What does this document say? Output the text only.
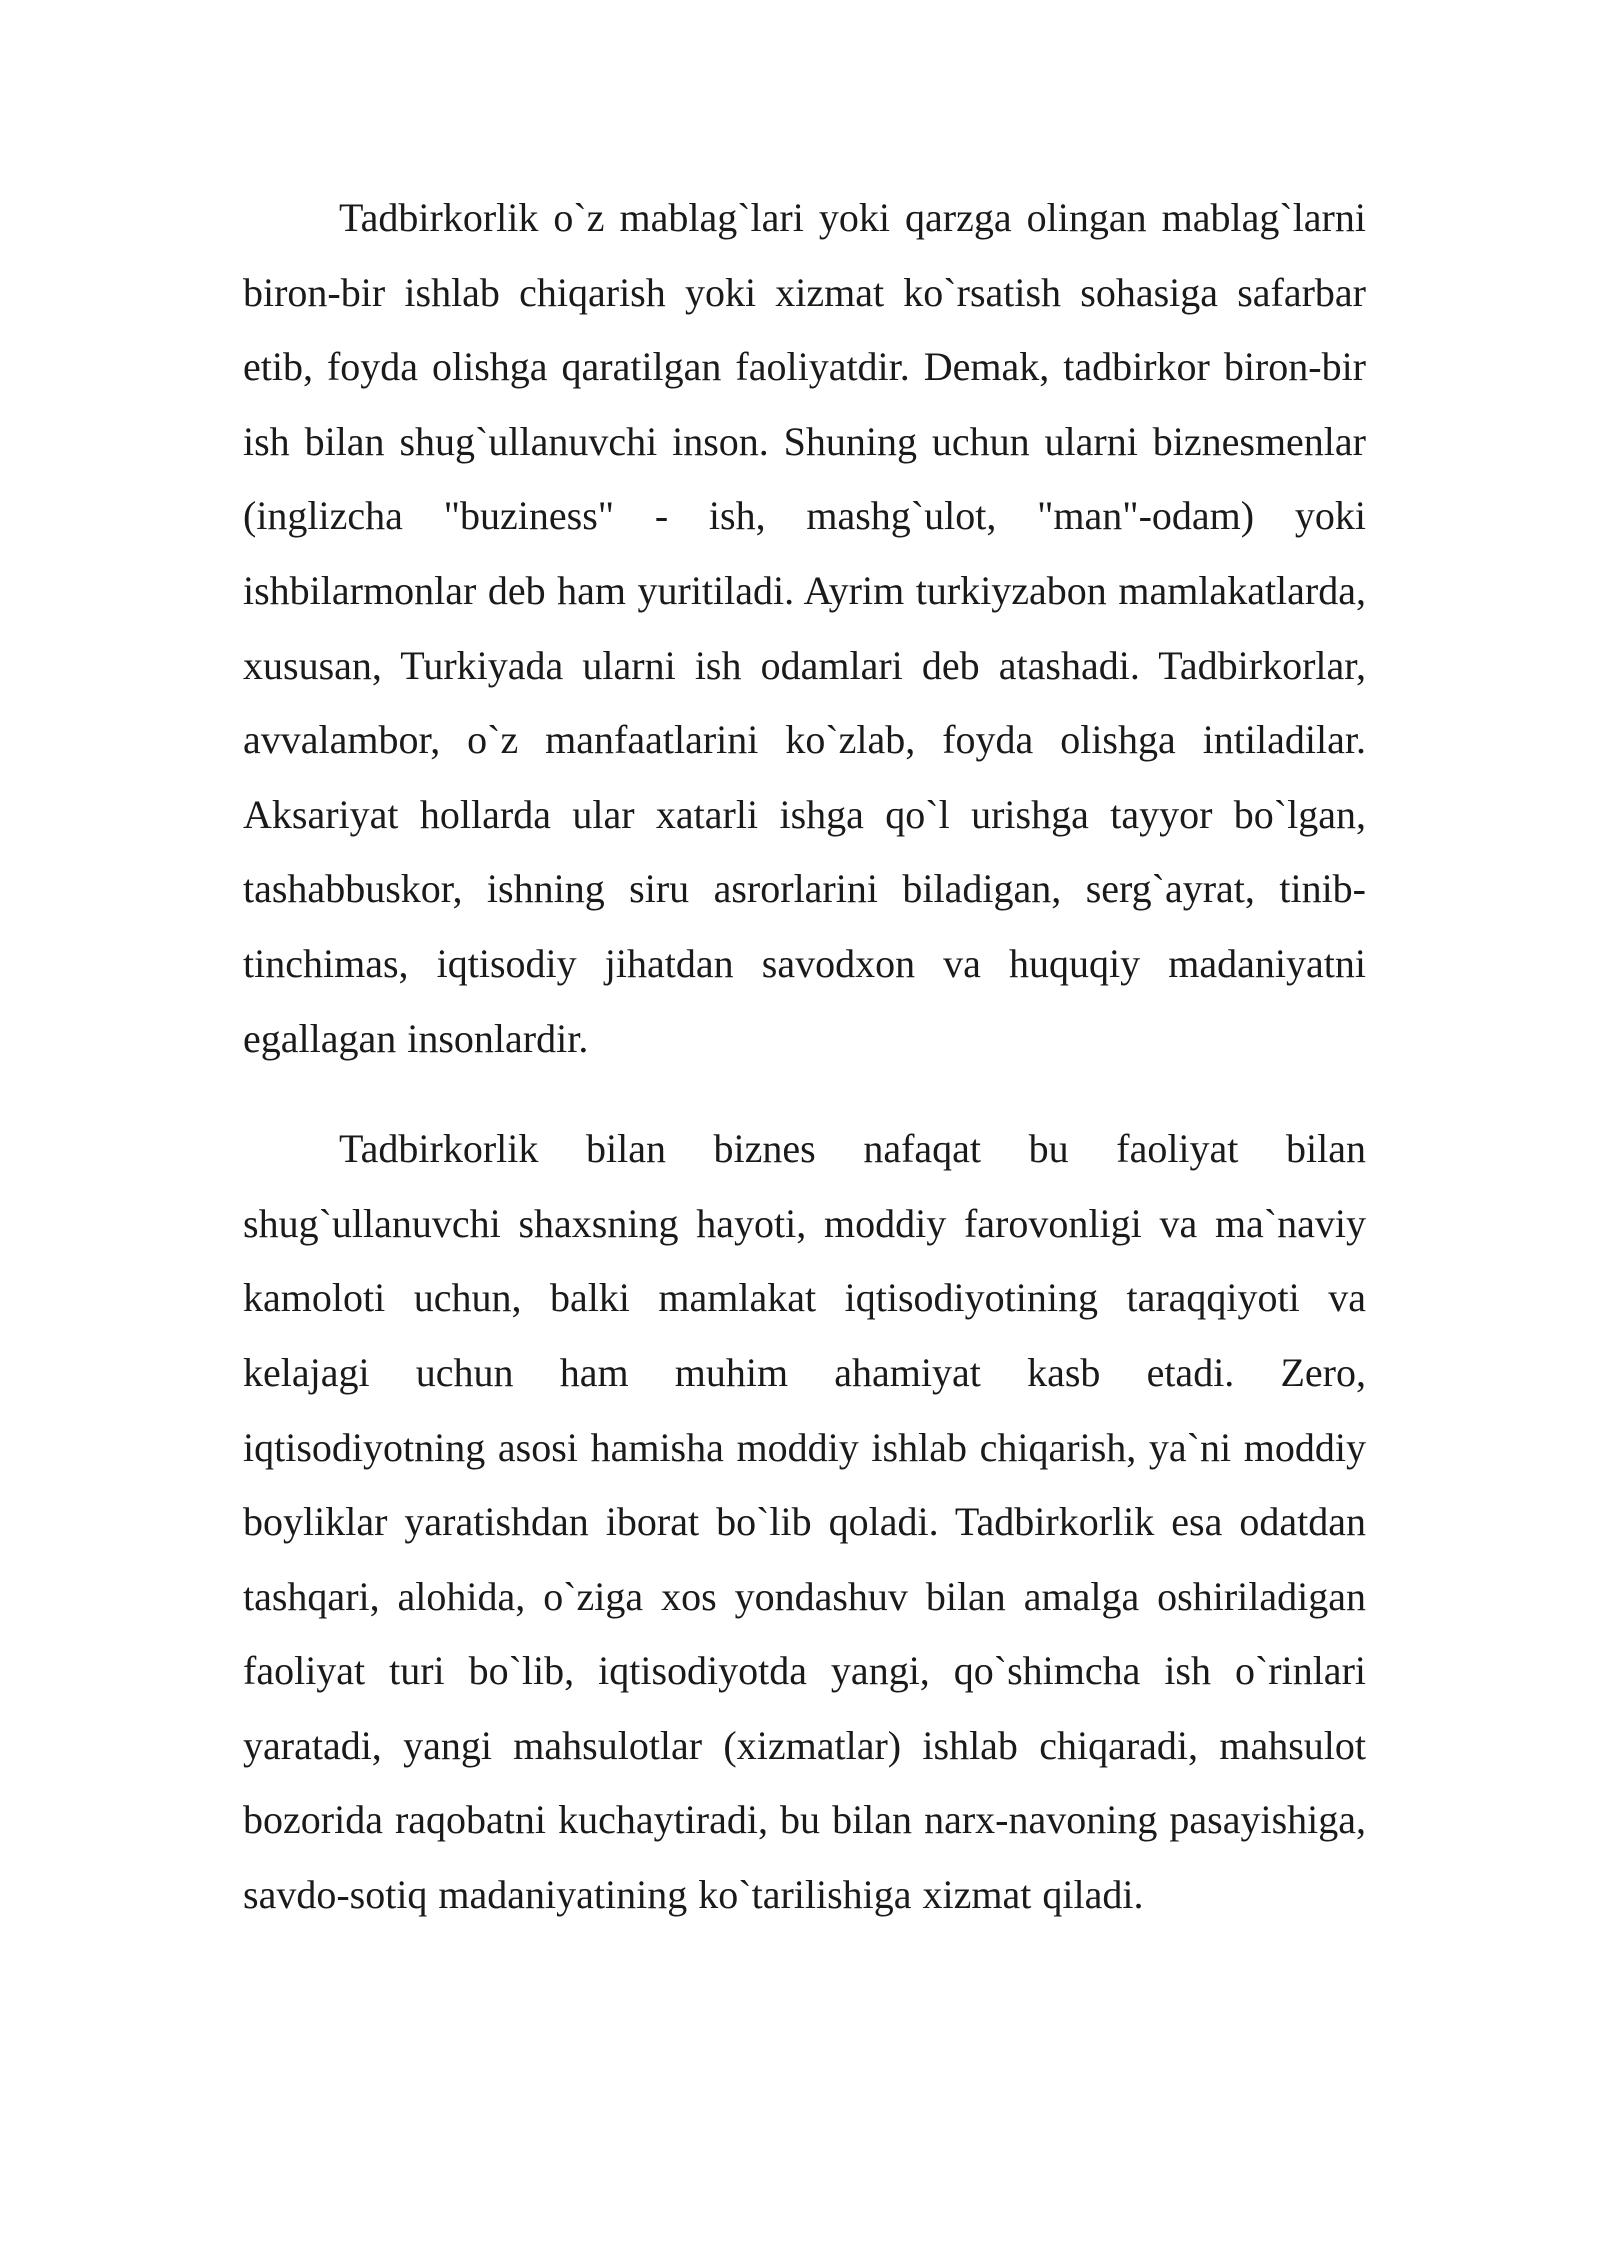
Tadbirkorlik o`z mablag`lari yoki qarzga olingan mablag`larni biron-bir ishlab chiqarish yoki xizmat ko`rsatish sohasiga safarbar etib, foyda olishga qaratilgan faoliyatdir. Demak, tadbirkor biron-bir ish bilan shug`ullanuvchi inson. Shuning uchun ularni biznesmenlar (inglizcha "buziness" - ish, mashg`ulot, "man"-odam) yoki ishbilarmonlar deb ham yuritiladi. Ayrim turkiyzabon mamlakatlarda, xususan, Turkiyada ularni ish odamlari deb atashadi. Tadbirkorlar, avvalambor, o`z manfaatlarini ko`zlab, foyda olishga intiladilar. Aksariyat hollarda ular xatarli ishga qo`l urishga tayyor bo`lgan, tashabbuskor, ishning siru asrorlarini biladigan, serg`ayrat, tinib-tinchimas, iqtisodiy jihatdan savodxon va huquqiy madaniyatni egallagan insonlardir.

Tadbirkorlik bilan biznes nafaqat bu faoliyat bilan shug`ullanuvchi shaxsning hayoti, moddiy farovonligi va ma`naviy kamoloti uchun, balki mamlakat iqtisodiyotining taraqqiyoti va kelajagi uchun ham muhim ahamiyat kasb etadi. Zero, iqtisodiyotning asosi hamisha moddiy ishlab chiqarish, ya`ni moddiy boyliklar yaratishdan iborat bo`lib qoladi. Tadbirkorlik esa odatdan tashqari, alohida, o`ziga xos yondashuv bilan amalga oshiriladigan faoliyat turi bo`lib, iqtisodiyotda yangi, qo`shimcha ish o`rinlari yaratadi, yangi mahsulotlar (xizmatlar) ishlab chiqaradi, mahsulot bozorida raqobatni kuchaytiradi, bu bilan narx-navoning pasayishiga, savdo-sotiq madaniyatining ko`tarilishiga xizmat qiladi.
